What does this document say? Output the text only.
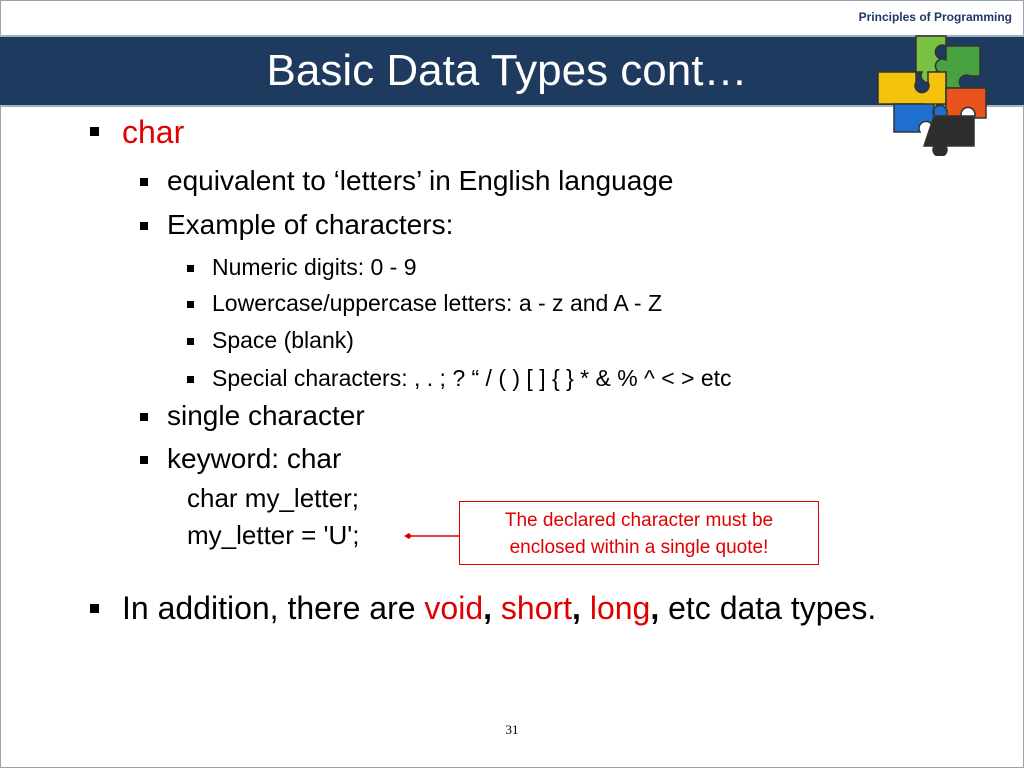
Principles of Programming
Basic Data Types cont…
char
equivalent to ‘letters’ in English language
Example of characters:
Numeric digits: 0 - 9
Lowercase/uppercase letters: a - z and A - Z
Space (blank)
Special characters: , . ; ? “ / ( ) [ ] { } * & % ^ < > etc
single character
keyword: char
char my_letter;
my_letter = 'U';	The declared character must be
enclosed within a single quote!
In addition, there are void, short, long, etc data types.
31
